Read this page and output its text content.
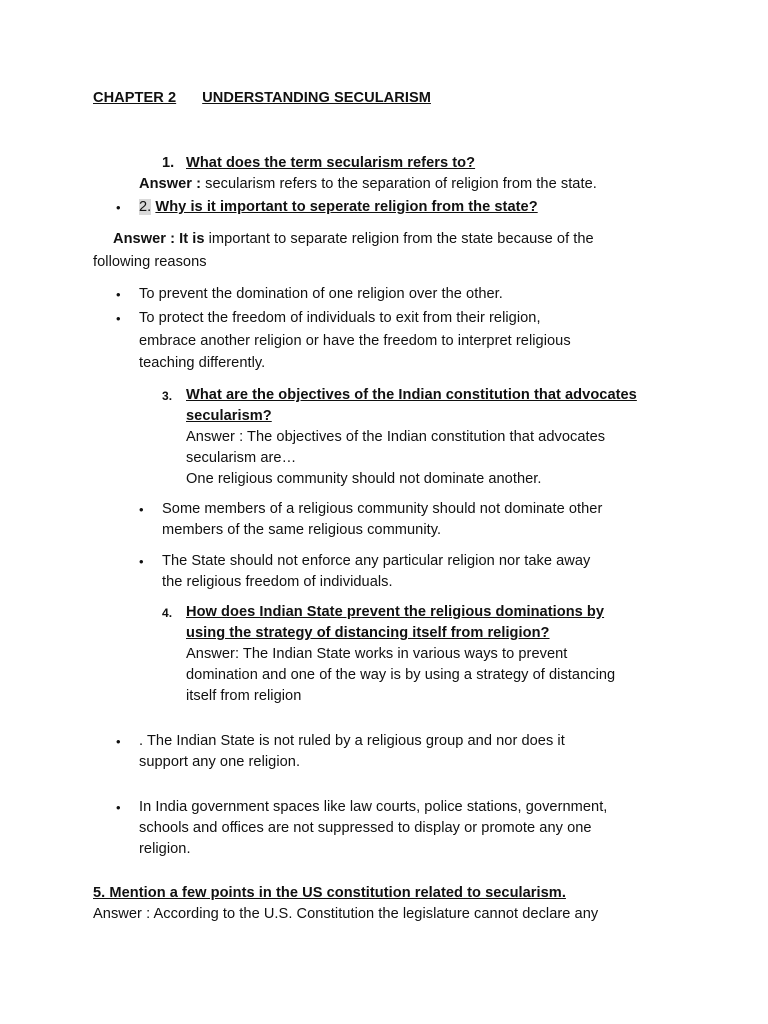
CHAPTER 2 UNDERSTANDING SECULARISM
1. What does the term secularism refers to?
Answer : secularism refers to the separation of religion from the state.
• 2. Why is it important to seperate religion from the state?
Answer : It is important to separate religion from the state because of the
following reasons
• To prevent the domination of one religion over the other.
• To protect the freedom of individuals to exit from their religion,
embrace another religion or have the freedom to interpret religious
teaching differently.
3. What are the objectives of the Indian constitution that advocates
secularism?
Answer : The objectives of the Indian constitution that advocates
secularism are…
One religious community should not dominate another.
• Some members of a religious community should not dominate other
members of the same religious community.
• The State should not enforce any particular religion nor take away
the religious freedom of individuals.
4. How does Indian State prevent the religious dominations by
using the strategy of distancing itself from religion?
Answer: The Indian State works in various ways to prevent
domination and one of the way is by using a strategy of distancing
itself from religion
• . The Indian State is not ruled by a religious group and nor does it
support any one religion.
• In India government spaces like law courts, police stations, government,
schools and offices are not suppressed to display or promote any one
religion.
5. Mention a few points in the US constitution related to secularism.
Answer : According to the U.S. Constitution the legislature cannot declare any
